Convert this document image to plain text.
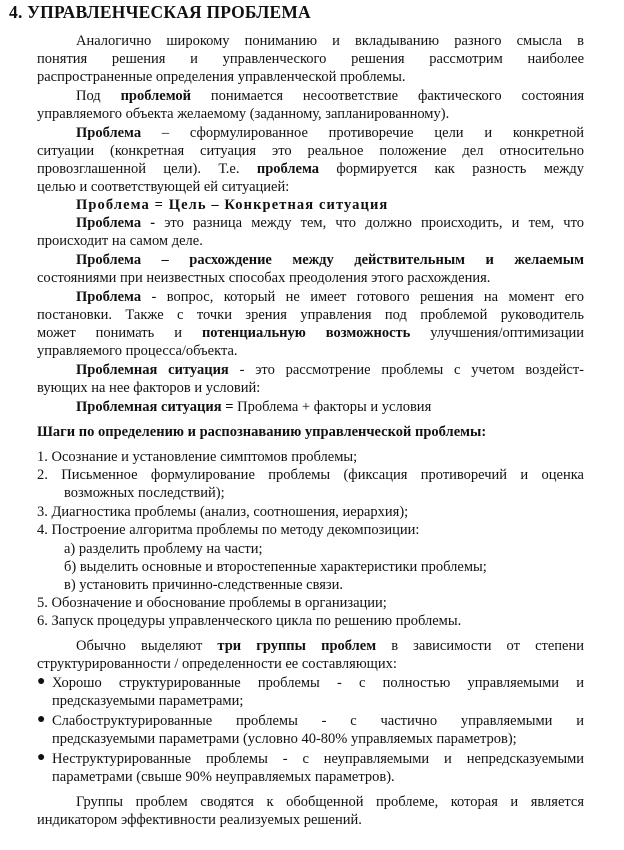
4. УПРАВЛЕНЧЕСКАЯ ПРОБЛЕМА
Аналогично широкому пониманию и вкладыванию разного смысла в
понятия решения и управленческого решения рассмотрим наиболее
распространенные определения управленческой проблемы.
Под проблемой понимается несоответствие фактического состояния
управляемого объекта желаемому (заданному, запланированному).
Проблема – сформулированное противоречие цели и конкретной
ситуации (конкретная ситуация это реальное положение дел относительно
провозглашенной цели). Т.е. проблема формируется как разность между
целью и соответствующей ей ситуацией:
Проблема = Цель – Конкретная ситуация
Проблема - это разница между тем, что должно происходить, и тем, что
происходит на самом деле.
Проблема – расхождение между действительным и желаемым
состояниями при неизвестных способах преодоления этого расхождения.
Проблема - вопрос, который не имеет готового решения на момент его
постановки. Также с точки зрения управления под проблемой руководитель
может понимать и потенциальную возможность улучшения/оптимизации
управляемого процесса/объекта.
Проблемная ситуация - это рассмотрение проблемы с учетом воздейст-
вующих на нее факторов и условий:
Проблемная ситуация = Проблема + факторы и условия
Шаги по определению и распознаванию управленческой проблемы:
1. Осознание и установление симптомов проблемы;
2. Письменное формулирование проблемы (фиксация противоречий и оценка
возможных последствий);
3. Диагностика проблемы (анализ, соотношения, иерархия);
4. Построение алгоритма проблемы по методу декомпозиции:
а) разделить проблему на части;
б) выделить основные и второстепенные характеристики проблемы;
в) установить причинно-следственные связи.
5. Обозначение и обоснование проблемы в организации;
6. Запуск процедуры управленческого цикла по решению проблемы.
Обычно выделяют три группы проблем в зависимости от степени
структурированности / определенности ее составляющих:
● Хорошо структурированные проблемы - с полностью управляемыми и
предсказуемыми параметрами;
● Слабоструктурированные проблемы - с частично управляемыми и
предсказуемыми параметрами (условно 40-80% управляемых параметров);
● Неструктурированные проблемы - с неуправляемыми и непредсказуемыми
параметрами (свыше 90% неуправляемых параметров).
Группы проблем сводятся к обобщенной проблеме, которая и является
индикатором эффективности реализуемых решений.
